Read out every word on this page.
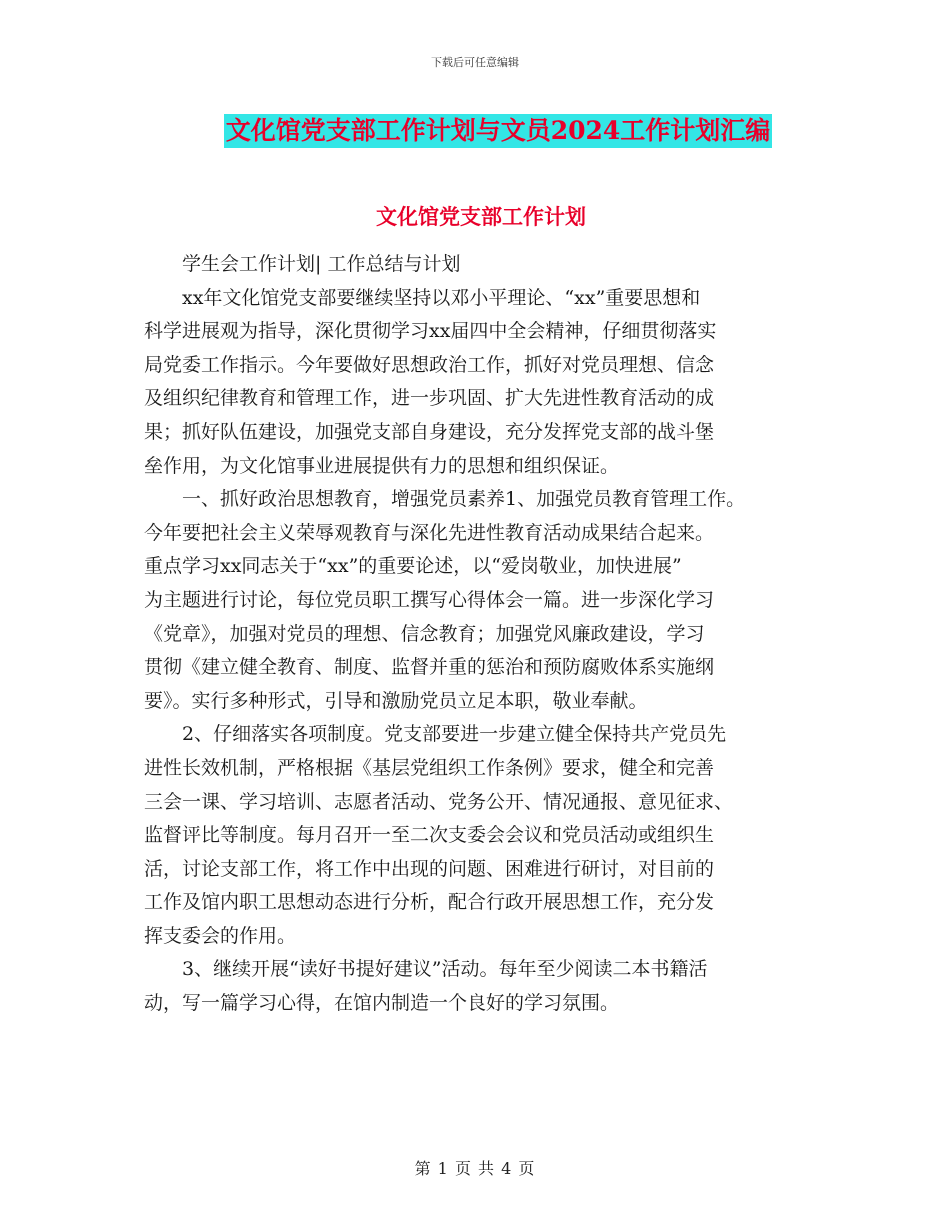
下载后可任意编辑
文化馆党支部工作计划与文员2024工作计划汇编
文化馆党支部工作计划
学生会工作计划| 工作总结与计划
xx年文化馆党支部要继续坚持以邓小平理论、“xx”重要思想和
科学进展观为指导，深化贯彻学习xx届四中全会精神，仔细贯彻落实
局党委工作指示。今年要做好思想政治工作，抓好对党员理想、信念
及组织纪律教育和管理工作，进一步巩固、扩大先进性教育活动的成
果；抓好队伍建设，加强党支部自身建设，充分发挥党支部的战斗堡
垒作用，为文化馆事业进展提供有力的思想和组织保证。
一、抓好政治思想教育，增强党员素养1、加强党员教育管理工作。
今年要把社会主义荣辱观教育与深化先进性教育活动成果结合起来。
重点学习xx同志关于“xx”的重要论述，以“爱岗敬业，加快进展”
为主题进行讨论，每位党员职工撰写心得体会一篇。进一步深化学习
《党章》，加强对党员的理想、信念教育；加强党风廉政建设，学习
贯彻《建立健全教育、制度、监督并重的惩治和预防腐败体系实施纲
要》。实行多种形式，引导和激励党员立足本职，敬业奉献。
2、仔细落实各项制度。党支部要进一步建立健全保持共产党员先
进性长效机制，严格根据《基层党组织工作条例》要求，健全和完善
三会一课、学习培训、志愿者活动、党务公开、情况通报、意见征求、
监督评比等制度。每月召开一至二次支委会会议和党员活动或组织生
活，讨论支部工作，将工作中出现的问题、困难进行研讨，对目前的
工作及馆内职工思想动态进行分析，配合行政开展思想工作，充分发
挥支委会的作用。
3、继续开展“读好书提好建议”活动。每年至少阅读二本书籍活
动，写一篇学习心得，在馆内制造一个良好的学习氛围。
第 1 页 共 4 页
